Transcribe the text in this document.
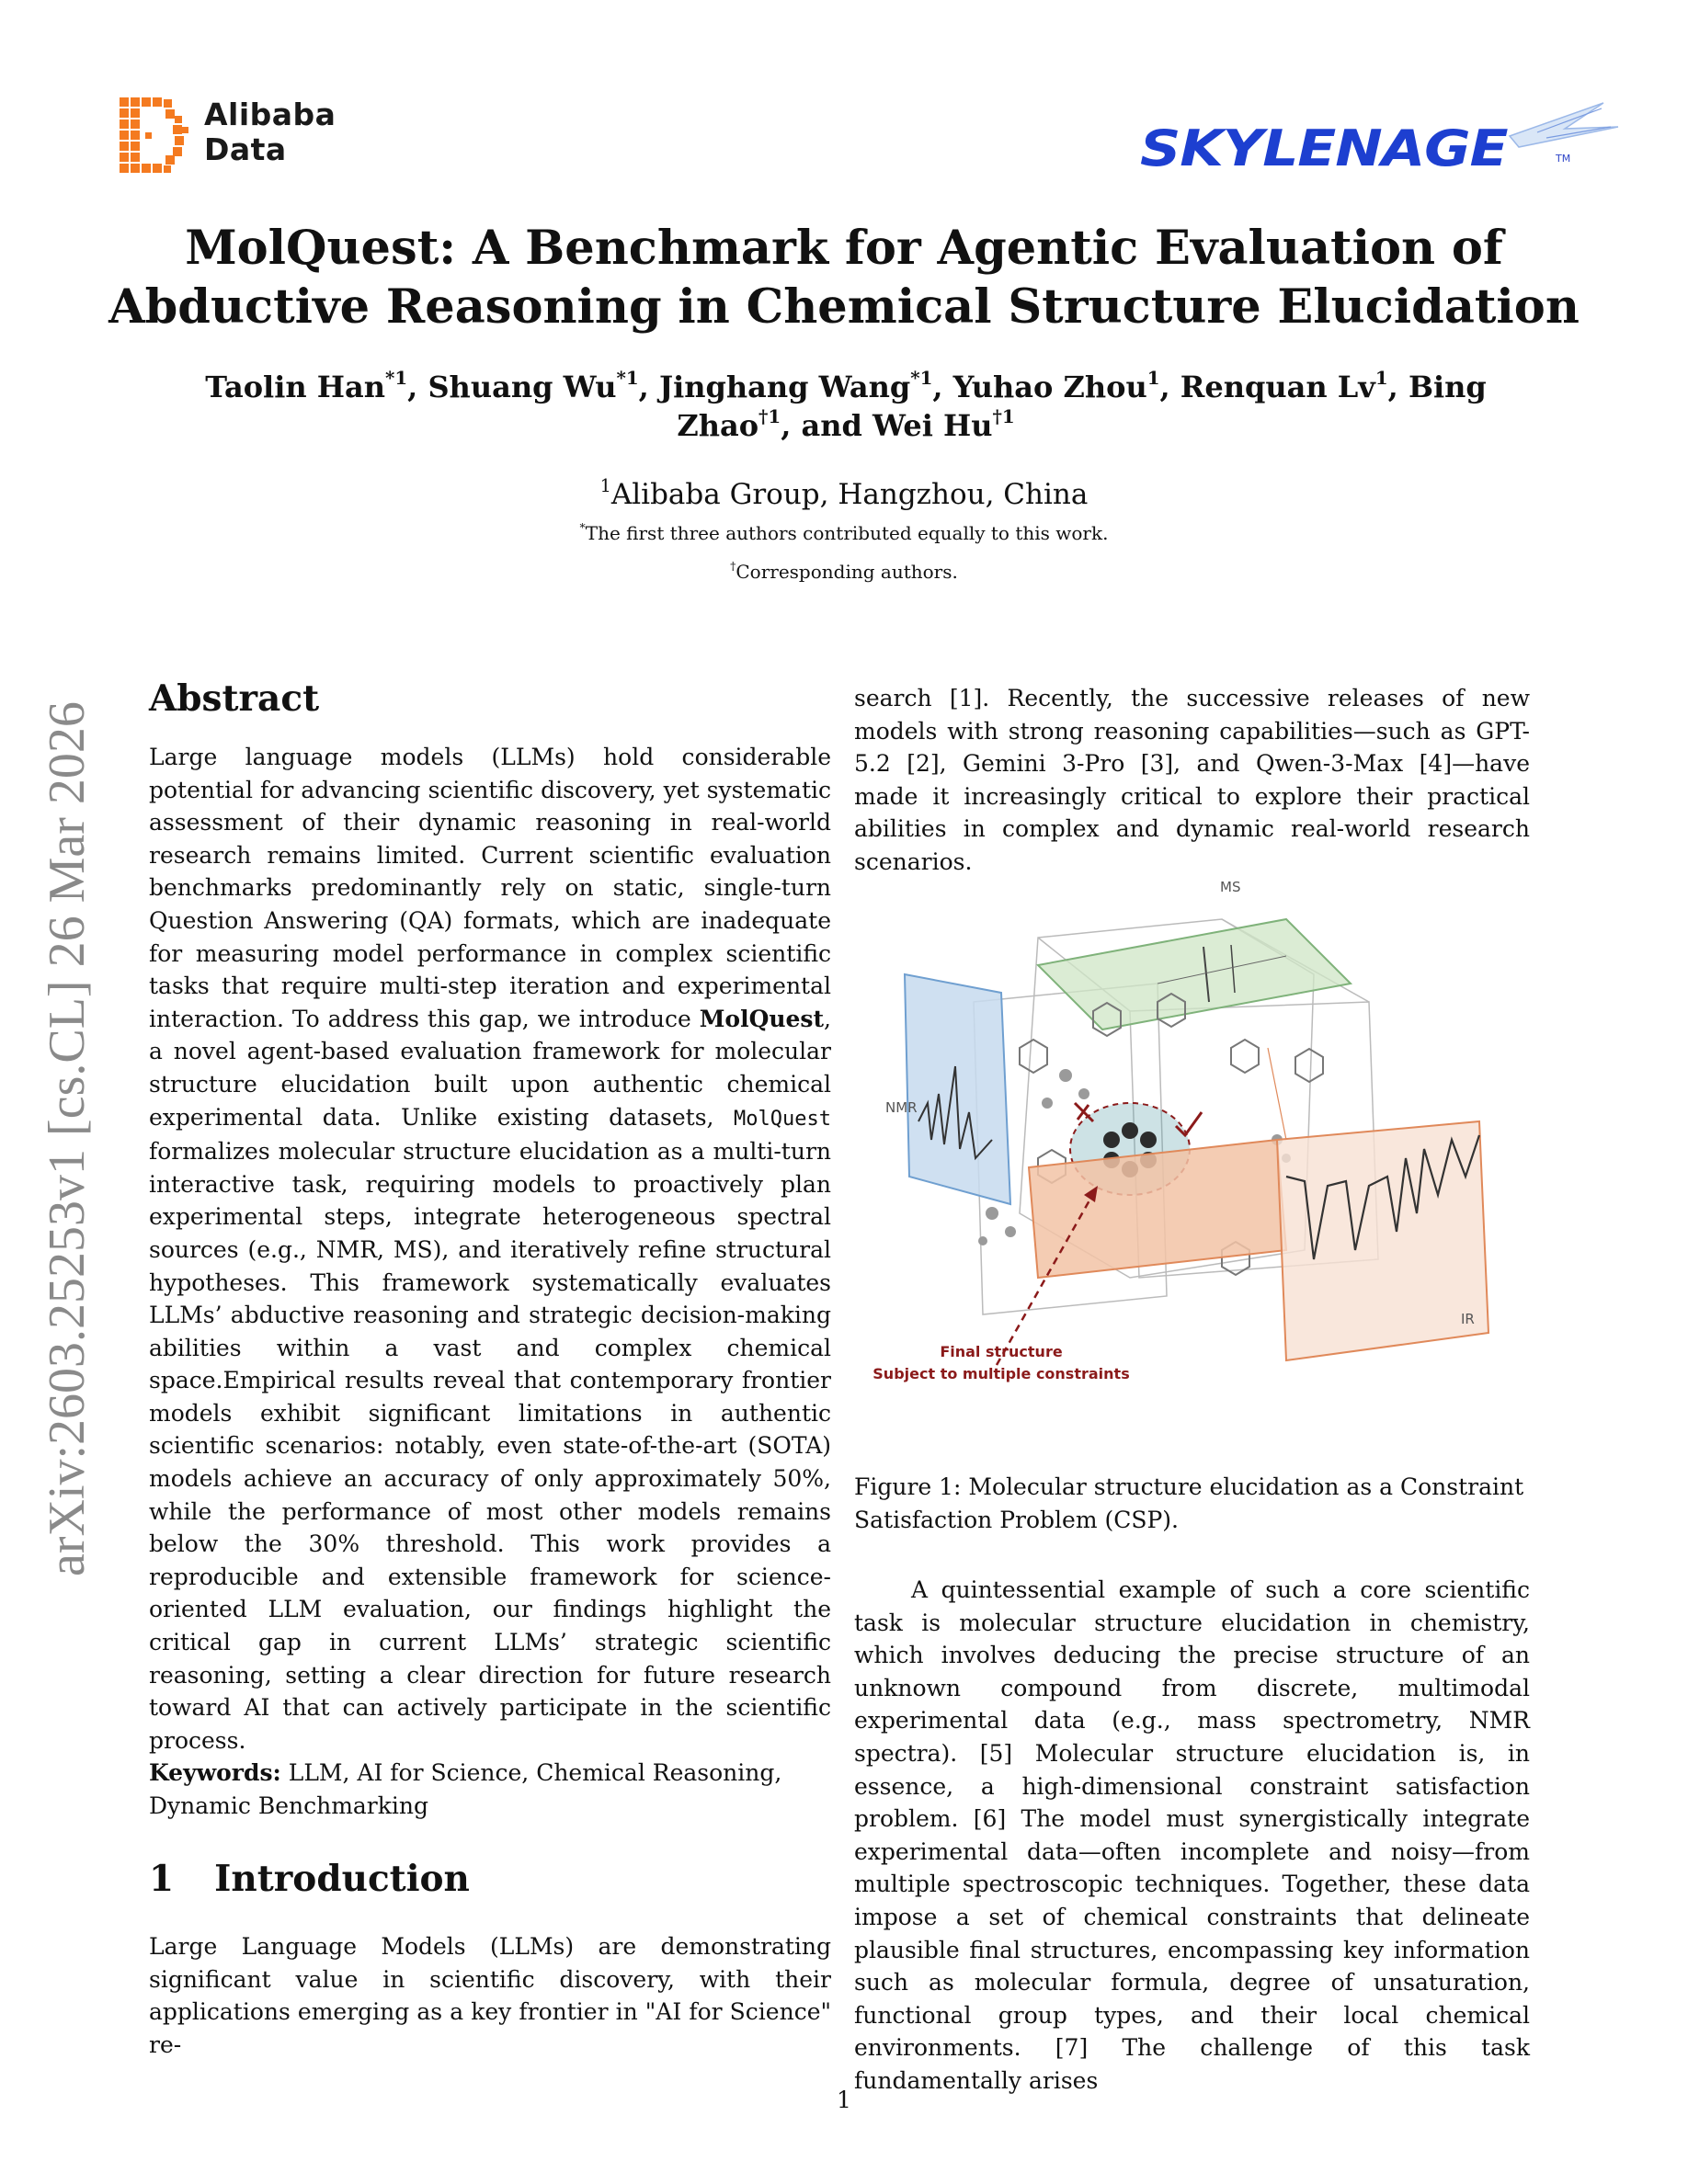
Alibaba
Data	SKYLENAGE	TM
MolQuest: A Benchmark for Agentic Evaluation of
Abductive Reasoning in Chemical Structure Elucidation
Taolin Han$^{*1}$, Shuang Wu$^{*1}$, Jinghang Wang$^{*1}$, Yuhao Zhou$^1$, Renquan Lv$^1$, Bing Zhao$^{\dagger 1}$, and Wei Hu$^{\dagger 1}$
$^1$Alibaba Group, Hangzhou, China
*The first three authors contributed equally to this work.
†Corresponding authors.
arXiv:2603.25253v1 [cs.CL] 26 Mar 2026
Abstract

Large language models (LLMs) hold considerable potential for advancing scientific discovery, yet systematic assessment of their dynamic reasoning in real-world research remains limited. Current scientific evaluation benchmarks predominantly rely on static, single-turn Question Answering (QA) formats, which are inadequate for measuring model performance in complex scientific tasks that require multi-step iteration and experimental interaction. To address this gap, we introduce MolQuest, a novel agent-based evaluation framework for molecular structure elucidation built upon authentic chemical experimental data. Unlike existing datasets, MolQuest formalizes molecular structure elucidation as a multi-turn interactive task, requiring models to proactively plan experimental steps, integrate heterogeneous spectral sources (e.g., NMR, MS), and iteratively refine structural hypotheses. This framework systematically evaluates LLMs’ abductive reasoning and strategic decision-making abilities within a vast and complex chemical space.Empirical results reveal that contemporary frontier models exhibit significant limitations in authentic scientific scenarios: notably, even state-of-the-art (SOTA) models achieve an accuracy of only approximately 50%, while the performance of most other models remains below the 30% threshold. This work provides a reproducible and extensible framework for science-oriented LLM evaluation, our findings highlight the critical gap in current LLMs’ strategic scientific reasoning, setting a clear direction for future research toward AI that can actively participate in the scientific process.

Keywords: LLM, AI for Science, Chemical Reasoning, Dynamic Benchmarking

1 Introduction
Large Language Models (LLMs) are demonstrating significant value in scientific discovery, with their applications emerging as a key frontier in "AI for Science" re-
search [1]. Recently, the successive releases of new models with strong reasoning capabilities—such as GPT-5.2 [2], Gemini 3-Pro [3], and Qwen-3-Max [4]—have made it increasingly critical to explore their practical abilities in complex and dynamic real-world research scenarios.
MS
NMR
IR
Final structure
Subject to multiple constraints
Figure 1: Molecular structure elucidation as a Constraint Satisfaction Problem (CSP).

A quintessential example of such a core scientific task is molecular structure elucidation in chemistry, which involves deducing the precise structure of an unknown compound from discrete, multimodal experimental data (e.g., mass spectrometry, NMR spectra). [5] Molecular structure elucidation is, in essence, a high-dimensional constraint satisfaction problem. [6] The model must synergistically integrate experimental data—often incomplete and noisy—from multiple spectroscopic techniques. Together, these data impose a set of chemical constraints that delineate plausible final structures, encompassing key information such as molecular formula, degree of unsaturation, functional group types, and their local chemical environments. [7] The challenge of this task fundamentally arises

1
